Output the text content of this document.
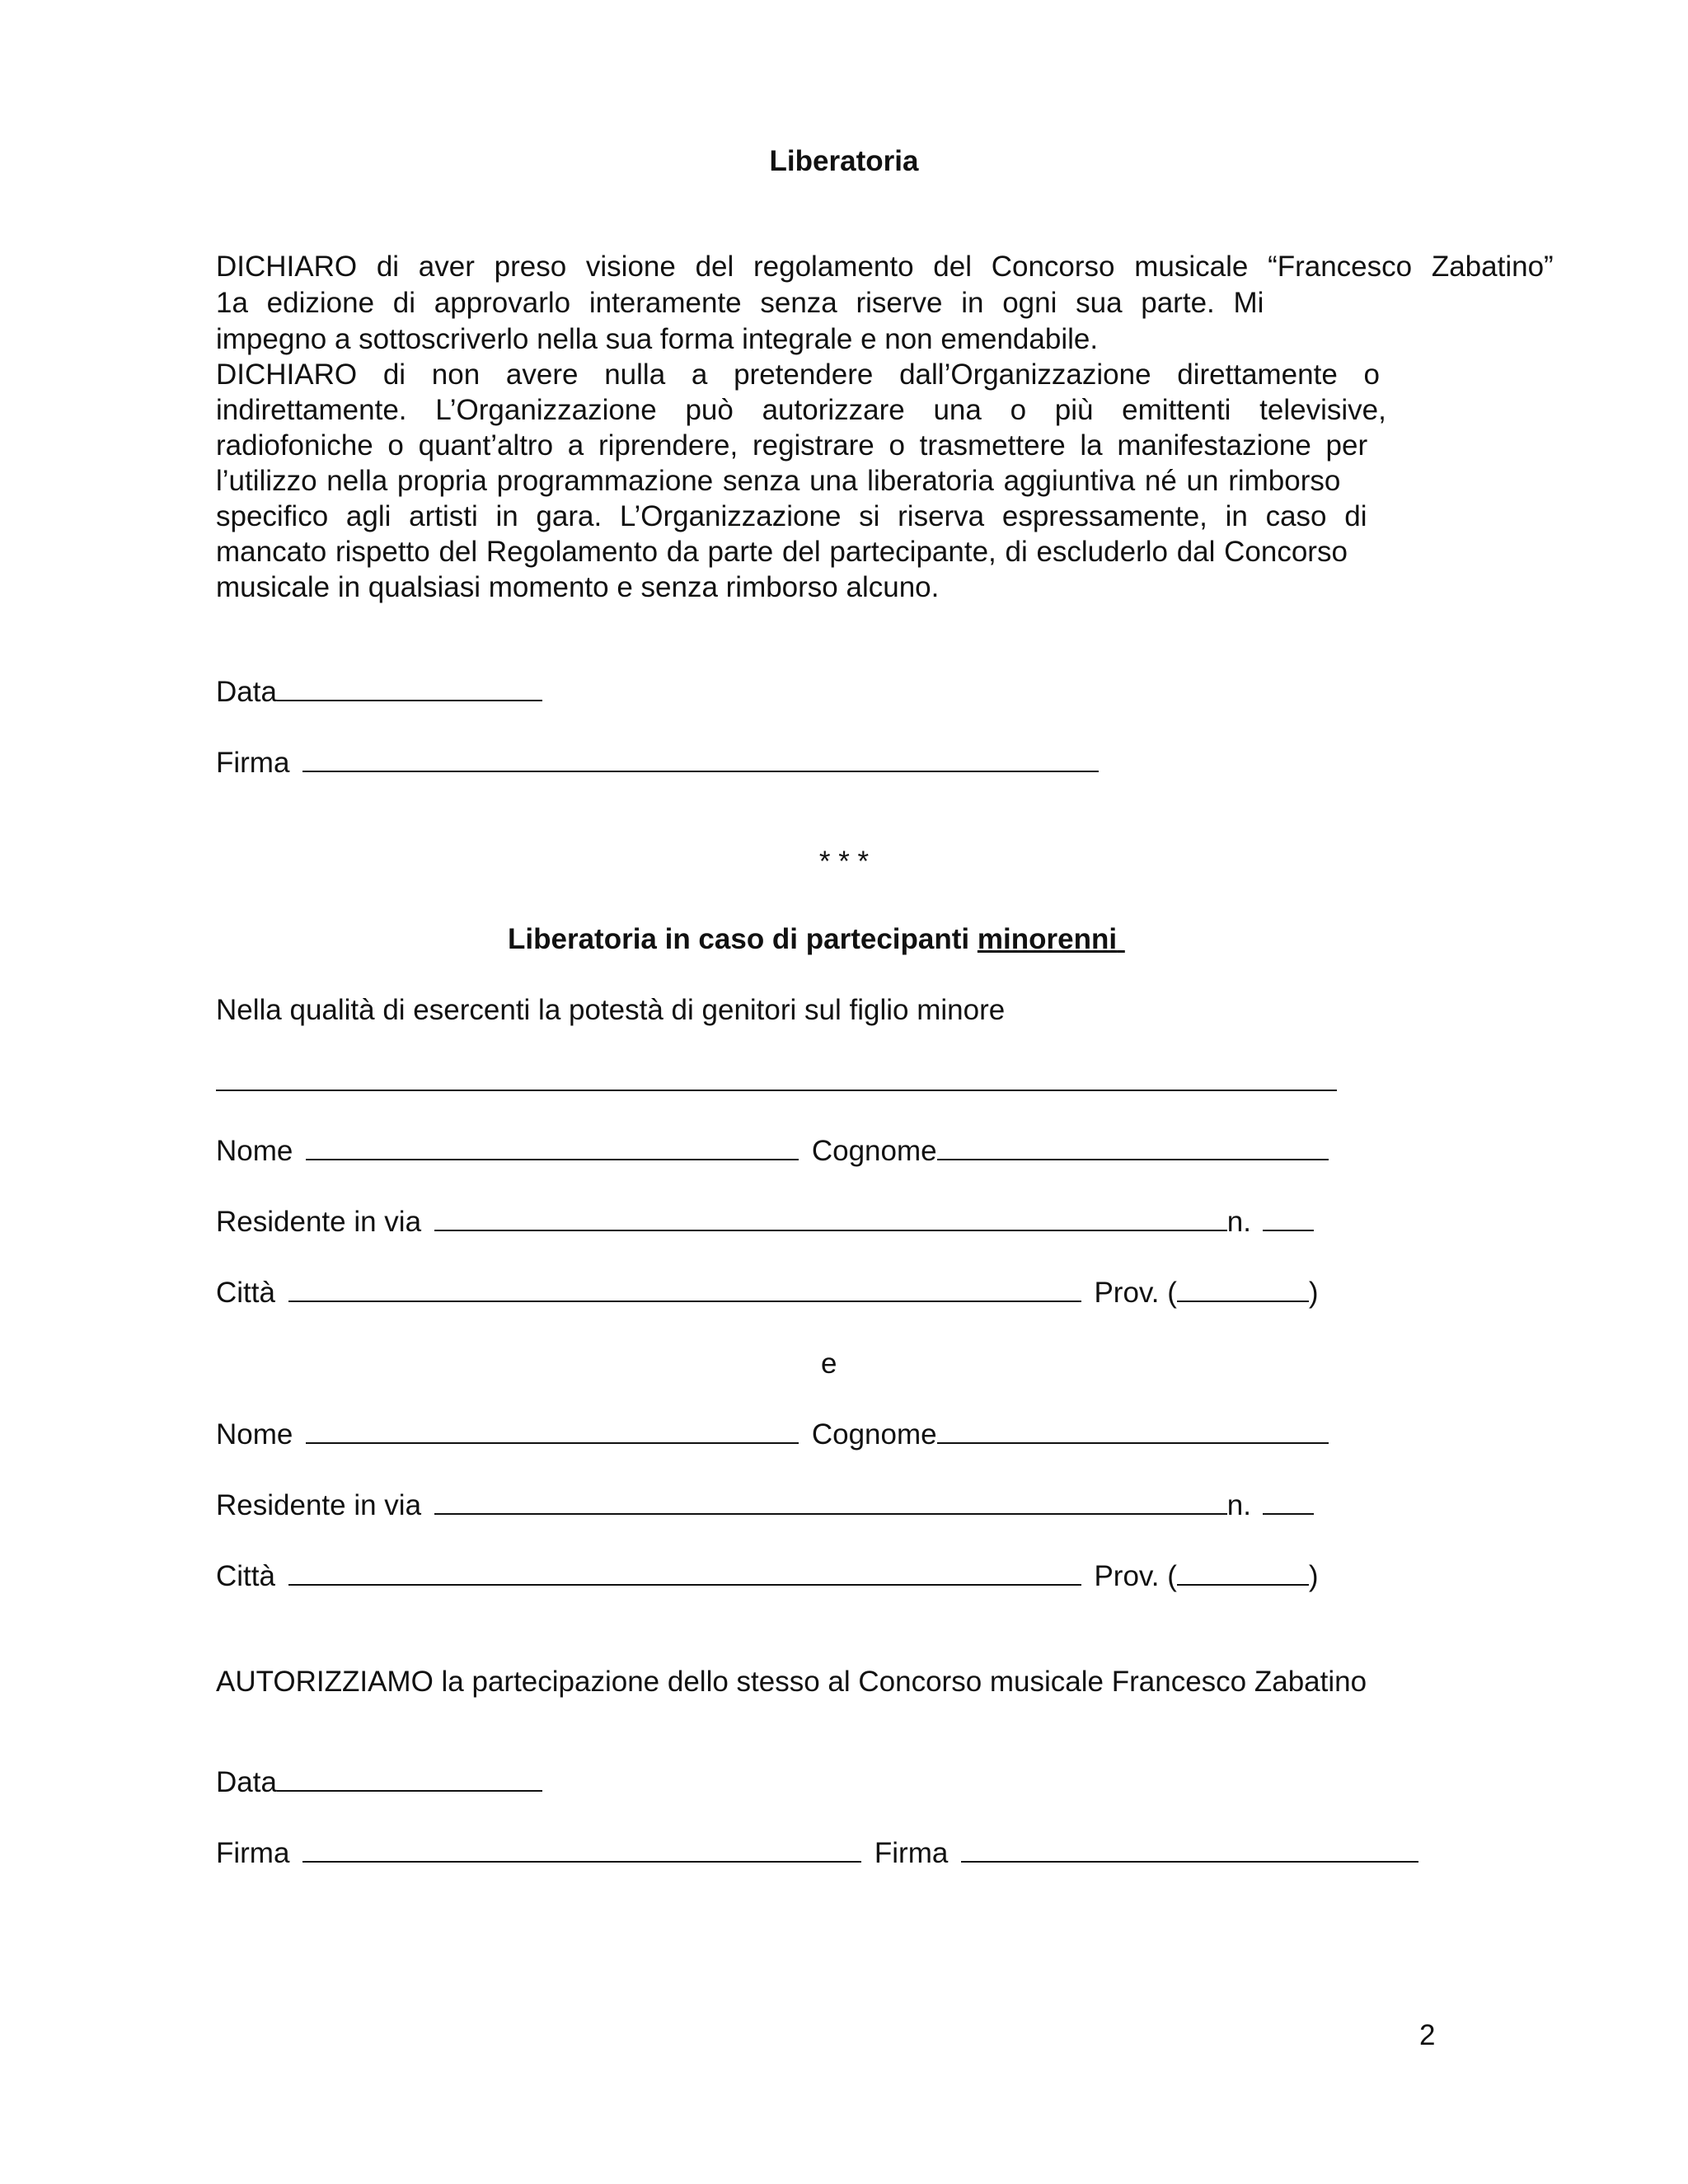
Liberatoria
DICHIARO di aver preso visione del regolamento del Concorso musicale “Francesco Zabatino”
1a edizione di approvarlo interamente senza riserve in ogni sua parte. Mi
impegno a sottoscriverlo nella sua forma integrale e non emendabile.
DICHIARO di non avere nulla a pretendere dall’Organizzazione direttamente o
indirettamente. L’Organizzazione può autorizzare una o più emittenti televisive,
radiofoniche o quant’altro a riprendere, registrare o trasmettere la manifestazione per
l’utilizzo nella propria programmazione senza una liberatoria aggiuntiva né un rimborso
specifico agli artisti in gara. L’Organizzazione si riserva espressamente, in caso di
mancato rispetto del Regolamento da parte del partecipante, di escluderlo dal Concorso
musicale in qualsiasi momento e senza rimborso alcuno.
Data
Firma
* * *
Liberatoria in caso di partecipanti minorenni
Nella qualità di esercenti la potestà di genitori sul figlio minore
Nome	Cognome
Residente in via	n.
Città	Prov. (	)
e
Nome	Cognome
Residente in via	n.
Città	Prov. (	)
AUTORIZZIAMO la partecipazione dello stesso al Concorso musicale Francesco Zabatino
Data
Firma	Firma
2
